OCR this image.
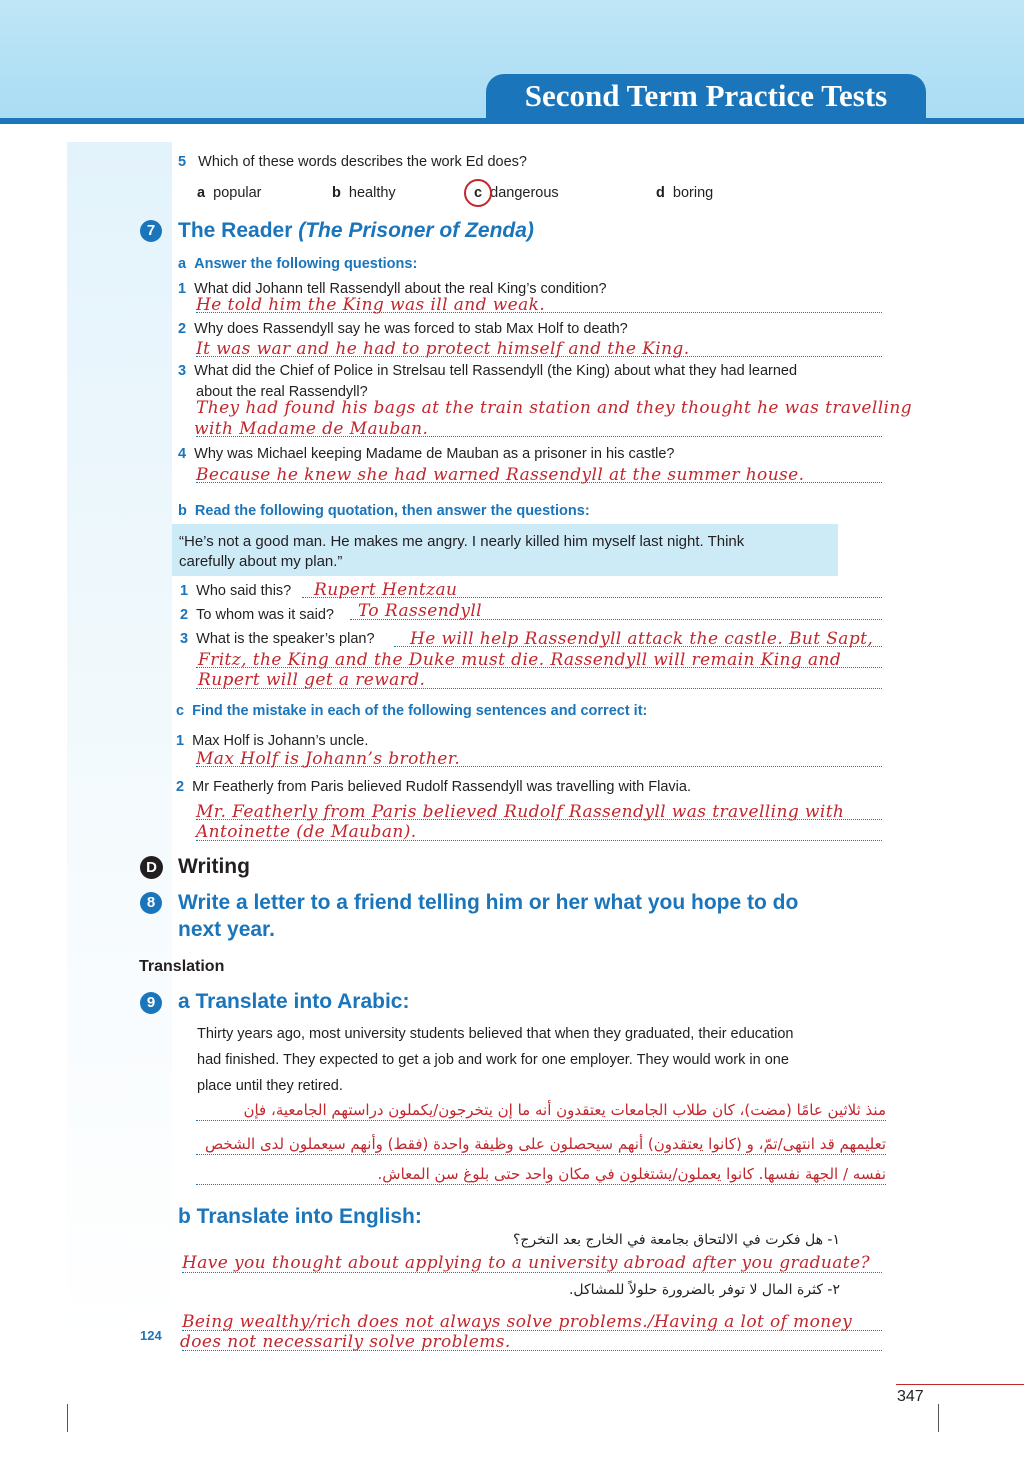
Second Term Practice Tests
5 Which of these words describes the work Ed does?
a popular	b healthy	c dangerous	d boring
7	The Reader (The Prisoner of Zenda)
a Answer the following questions:
1 What did Johann tell Rassendyll about the real King’s condition?
He told him the King was ill and weak.
2 Why does Rassendyll say he was forced to stab Max Holf to death?
It was war and he had to protect himself and the King.
3 What did the Chief of Police in Strelsau tell Rassendyll (the King) about what they had learned
about the real Rassendyll?
They had found his bags at the train station and they thought he was travelling
with Madame de Mauban.
4 Why was Michael keeping Madame de Mauban as a prisoner in his castle?
Because he knew she had warned Rassendyll at the summer house.
b Read the following quotation, then answer the questions:
“He’s not a good man. He makes me angry. I nearly killed him myself last night. Think
carefully about my plan.”
1 Who said this? Rupert Hentzau
2 To whom was it said? To Rassendyll
3 What is the speaker’s plan? He will help Rassendyll attack the castle. But Sapt,
Fritz, the King and the Duke must die. Rassendyll will remain King and
Rupert will get a reward.
c Find the mistake in each of the following sentences and correct it:
1 Max Holf is Johann’s uncle.
Max Holf is Johann’s brother.
2 Mr Featherly from Paris believed Rudolf Rassendyll was travelling with Flavia.
Mr. Featherly from Paris believed Rudolf Rassendyll was travelling with
Antoinette (de Mauban).
D Writing
8	Write a letter to a friend telling him or her what you hope to do
next year.
Translation
9	a Translate into Arabic:
Thirty years ago, most university students believed that when they graduated, their education
had finished. They expected to get a job and work for one employer. They would work in one
place until they retired.
منذ ثلاثين عامًا (مضت)، كان طلاب الجامعات يعتقدون أنه ما إن يتخرجون/يكملون دراستهم الجامعية، فإن
تعليمهم قد انتهى/تمّ، و (كانوا يعتقدون) أنهم سيحصلون على وظيفة واحدة (فقط) وأنهم سيعملون لدى الشخص
نفسه / الجهة نفسها. كانوا يعملون/يشتغلون في مكان واحد حتى بلوغ سن المعاش.
b Translate into English:
١- هل فكرت في الالتحاق بجامعة في الخارج بعد التخرج؟
Have you thought about applying to a university abroad after you graduate?
٢- كثرة المال لا توفر بالضرورة حلولاً للمشاكل.
Being wealthy/rich does not always solve problems./Having a lot of money
does not necessarily solve problems.
124
347
